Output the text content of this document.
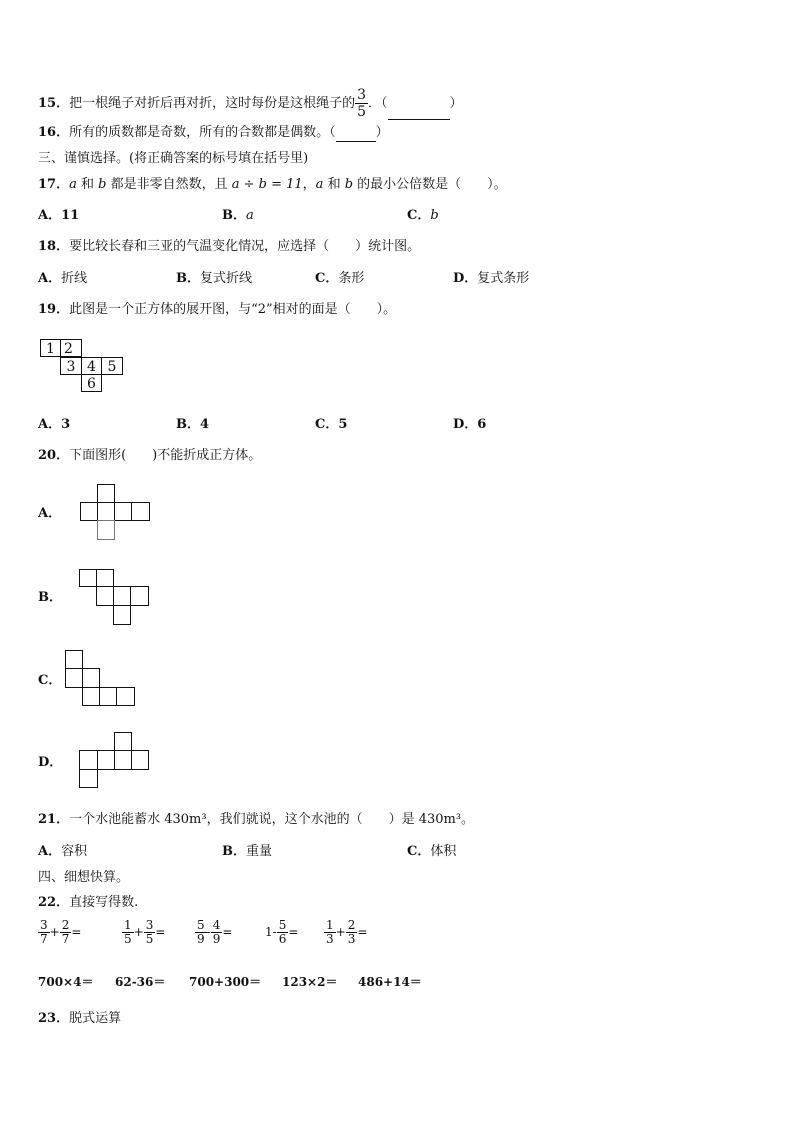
15．把一根绳子对折后再对折，这时每份是这根绳子的 $\frac{3}{5}$ ．（	）
16．所有的质数都是奇数，所有的合数都是偶数。（	）
三、谨慎选择。(将正确答案的标号填在括号里)
17．a 和 b 都是非零自然数，且 a ÷ b = 11，a 和 b 的最小公倍数是（　　）。
A．11	B．a	C．b
18．要比较长春和三亚的气温变化情况，应选择（　　）统计图。
A．折线	B．复式折线	C．条形	D．复式条形
19．此图是一个正方体的展开图，与“2”相对的面是（　　）。
1 2
3 4 5
6
A．3	B．4	C．5	D．6
20．下面图形(　　)不能折成正方体。
A．
B．
C．
D．
21．一个水池能蓄水 430m³，我们就说，这个水池的（　　）是 430m³。
A．容积	B．重量	C．体积
四、细想快算。
22．直接写得数.
$\frac{3}{7} + \frac{2}{7}$ =	$\frac{1}{5} + \frac{3}{5} = \frac{5}{9} - \frac{4}{9}$ =	$1- \frac{5}{6} = \frac{1}{3} + \frac{2}{3}$ =
700×4＝ 62-36＝ 700+300＝ 123×2＝ 486+14＝
23．脱式运算
